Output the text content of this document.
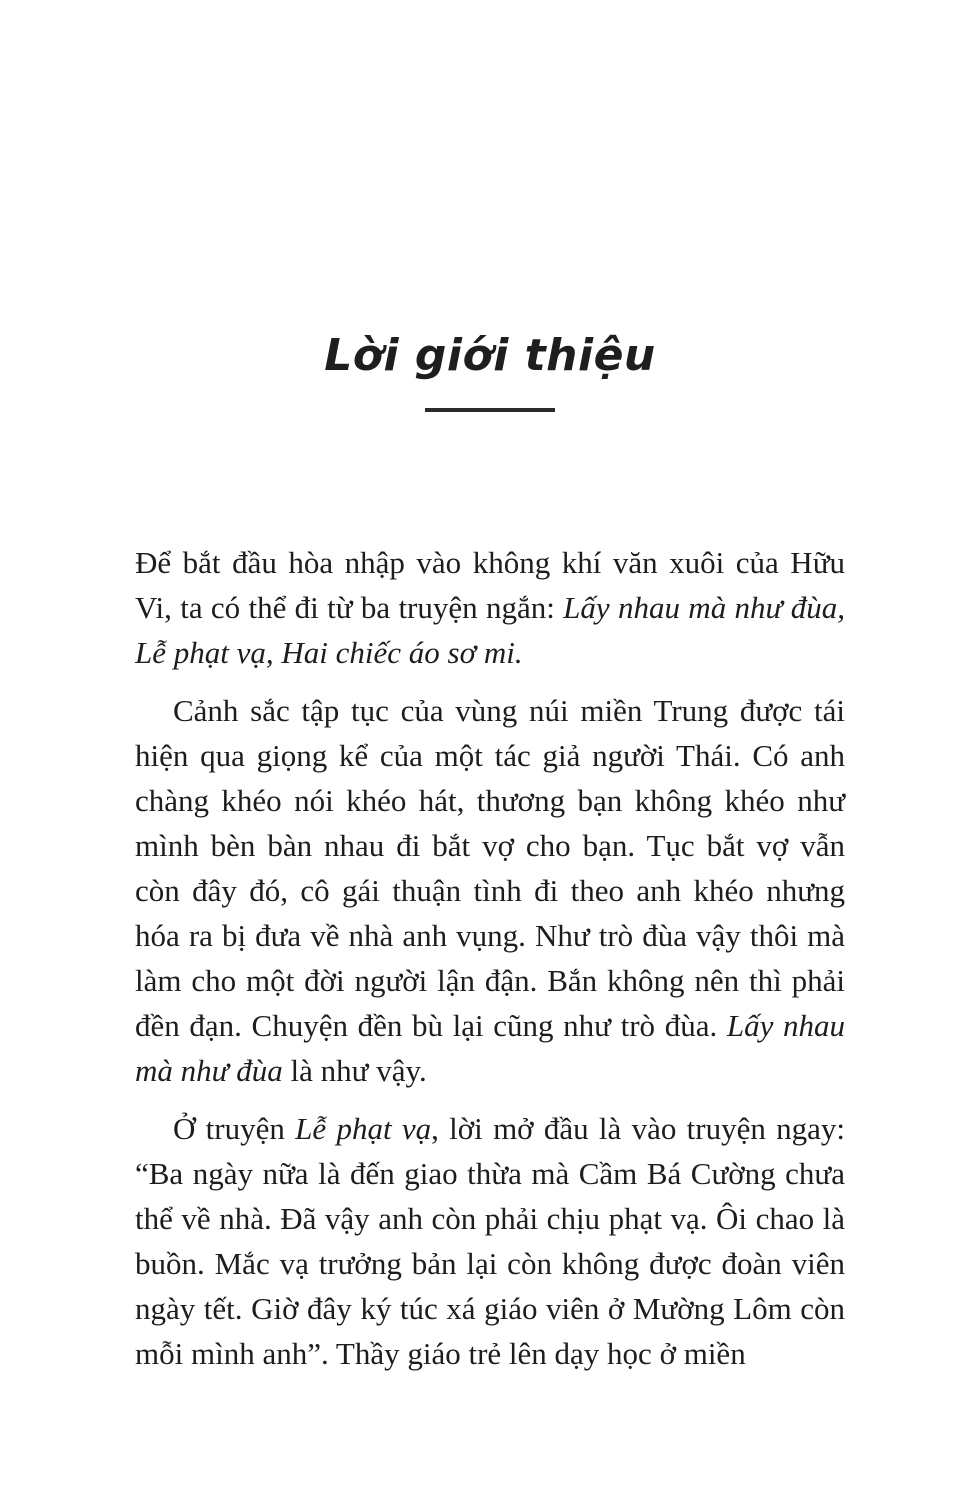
Lời giới thiệu

Để bắt đầu hòa nhập vào không khí văn xuôi của Hữu Vi, ta có thể đi từ ba truyện ngắn: Lấy nhau mà như đùa, Lễ phạt vạ, Hai chiếc áo sơ mi.

Cảnh sắc tập tục của vùng núi miền Trung được tái hiện qua giọng kể của một tác giả người Thái. Có anh chàng khéo nói khéo hát, thương bạn không khéo như mình bèn bàn nhau đi bắt vợ cho bạn. Tục bắt vợ vẫn còn đây đó, cô gái thuận tình đi theo anh khéo nhưng hóa ra bị đưa về nhà anh vụng. Như trò đùa vậy thôi mà làm cho một đời người lận đận. Bắn không nên thì phải đền đạn. Chuyện đền bù lại cũng như trò đùa. Lấy nhau mà như đùa là như vậy.

Ở truyện Lễ phạt vạ, lời mở đầu là vào truyện ngay: “Ba ngày nữa là đến giao thừa mà Cầm Bá Cường chưa thể về nhà. Đã vậy anh còn phải chịu phạt vạ. Ôi chao là buồn. Mắc vạ trưởng bản lại còn không được đoàn viên ngày tết. Giờ đây ký túc xá giáo viên ở Mường Lôm còn mỗi mình anh”. Thầy giáo trẻ lên dạy học ở miền
